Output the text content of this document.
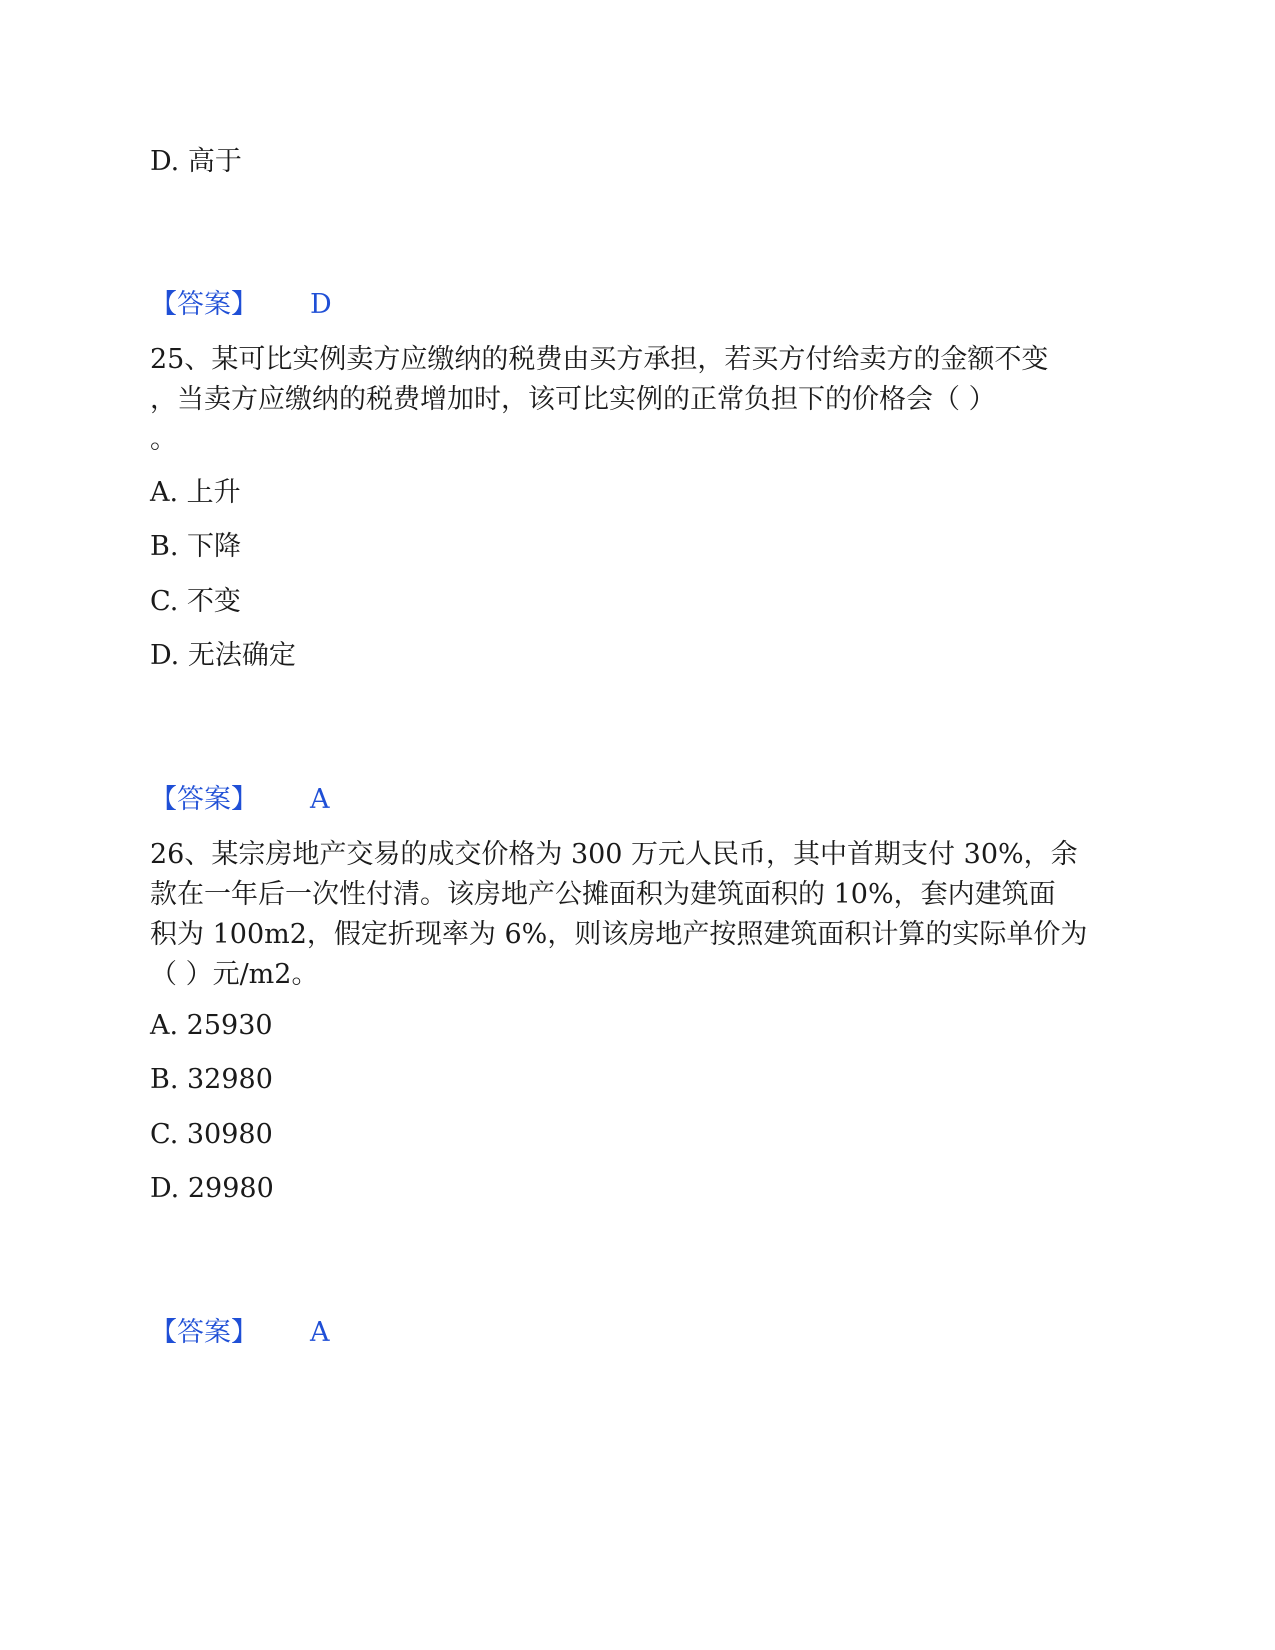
D. 高于
【答案】 D
25、某可比实例卖方应缴纳的税费由买方承担，若买方付给卖方的金额不变
，当卖方应缴纳的税费增加时，该可比实例的正常负担下的价格会（ ）
。
A. 上升
B. 下降
C. 不变
D. 无法确定
【答案】 A
26、某宗房地产交易的成交价格为 300 万元人民币，其中首期支付 30%，余
款在一年后一次性付清。该房地产公摊面积为建筑面积的 10%，套内建筑面
积为 100m2，假定折现率为 6%，则该房地产按照建筑面积计算的实际单价为
（ ）元/m2。
A. 25930
B. 32980
C. 30980
D. 29980
【答案】 A
